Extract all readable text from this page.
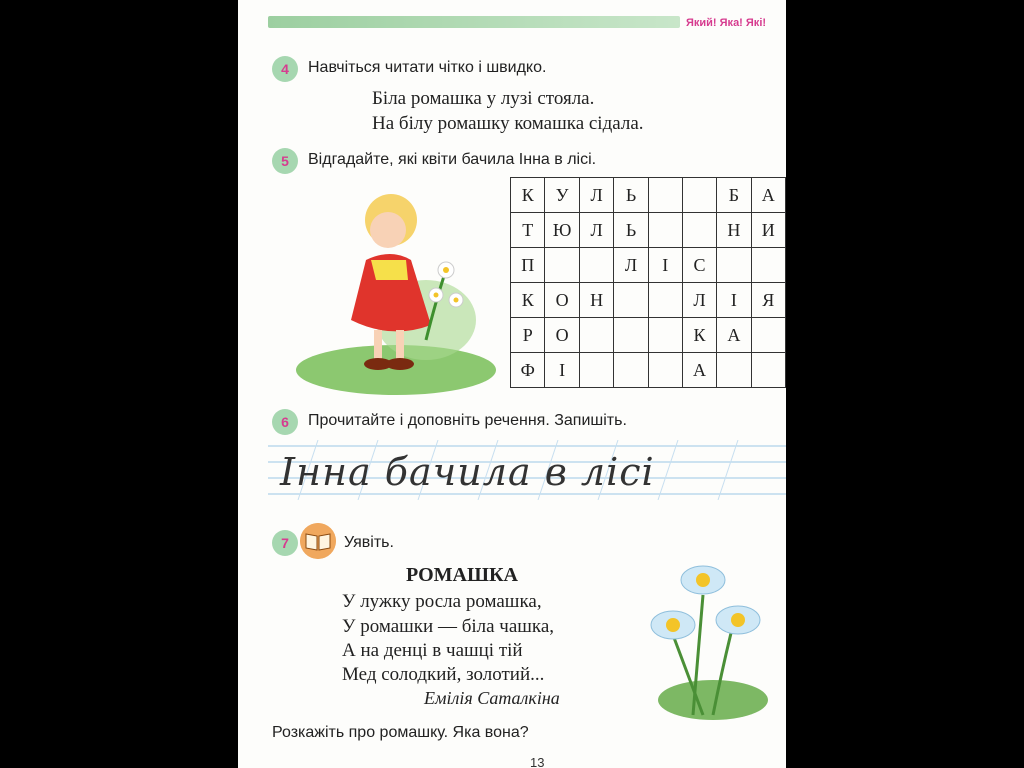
Який! Яка! Які!
4	Навчіться читати чітко і швидко.
Біла ромашка у лузі стояла.
На білу ромашку комашка сідала.
5	Відгадайте, які квіти бачила Інна в лісі.
К	У	Л	Ь			Б	А
Т	Ю	Л	Ь			Н	И
П			Л	І	С		
К	О	Н			Л	І	Я
Р	О				К	А	
Ф	І				А		
6	Прочитайте і доповніть речення. Запишіть.
Інна бачила в лісі
7	Уявіть.
РОМАШКА
У лужку росла ромашка,
У ромашки — біла чашка,
А на денці в чашці тій
Мед солодкий, золотий...
Емілія Саталкіна
Розкажіть про ромашку. Яка вона?
13
